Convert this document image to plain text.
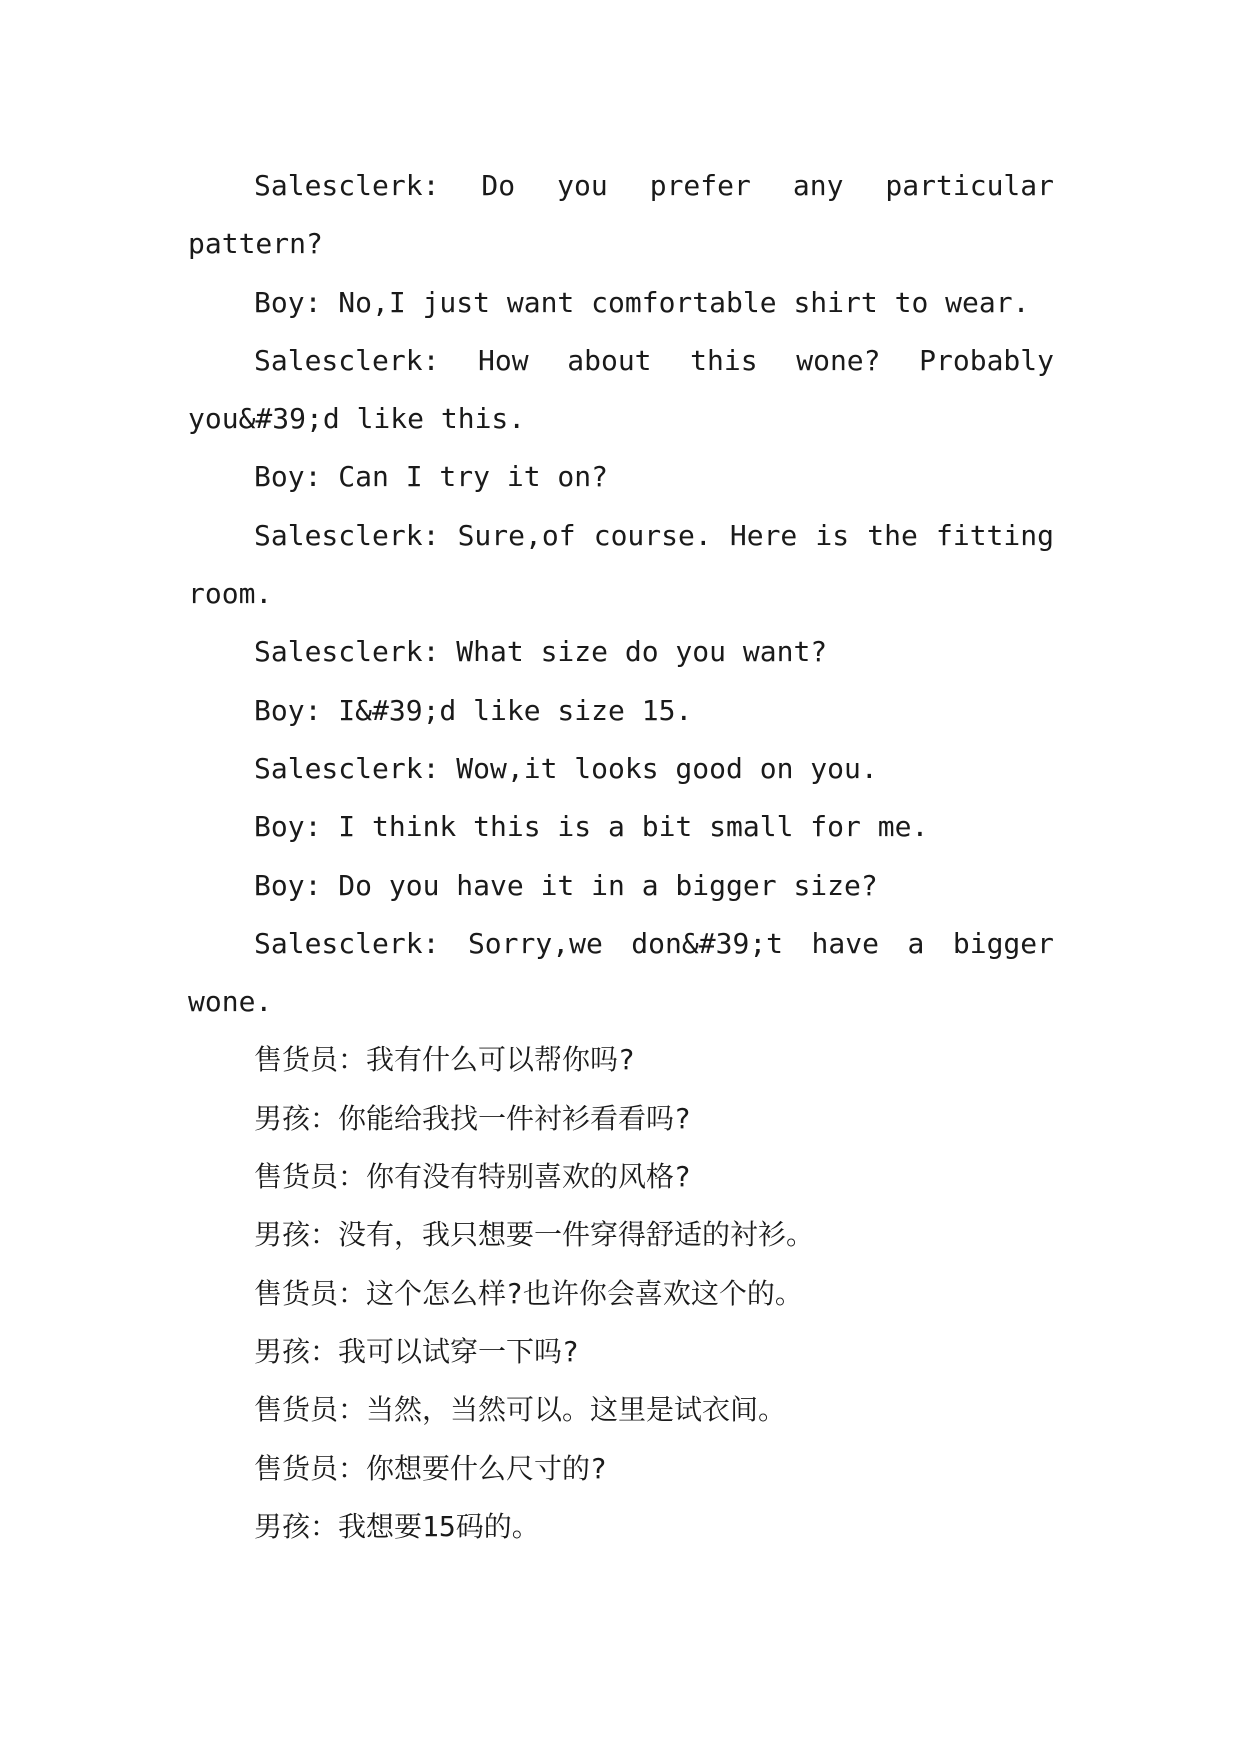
Salesclerk: Do you prefer any particular pattern?

Boy: No,I just want comfortable shirt to wear.

Salesclerk: How about this wone? Probably you&#39;d like this.

Boy: Can I try it on?

Salesclerk: Sure,of course. Here is the fitting room.

Salesclerk: What size do you want?

Boy: I&#39;d like size 15.

Salesclerk: Wow,it looks good on you.

Boy: I think this is a bit small for me.

Boy: Do you have it in a bigger size?

Salesclerk: Sorry,we don&#39;t have a bigger wone.

售货员：我有什么可以帮你吗?

男孩：你能给我找一件衬衫看看吗?

售货员：你有没有特别喜欢的风格?

男孩：没有，我只想要一件穿得舒适的衬衫。

售货员：这个怎么样?也许你会喜欢这个的。

男孩：我可以试穿一下吗?

售货员：当然，当然可以。这里是试衣间。

售货员：你想要什么尺寸的?

男孩：我想要15码的。
